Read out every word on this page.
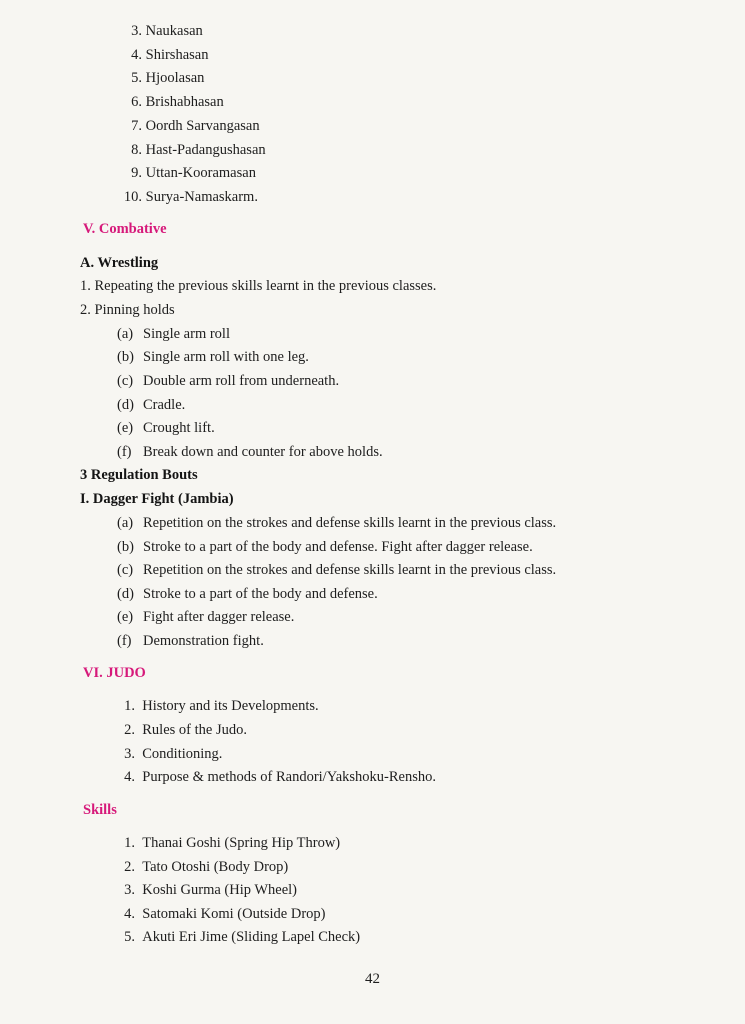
3. Naukasan
4. Shirshasan
5. Hjoolasan
6. Brishabhasan
7. Oordh Sarvangasan
8. Hast-Padangushasan
9. Uttan-Kooramasan
10. Surya-Namaskarm.
V. Combative
A. Wrestling
1. Repeating the previous skills learnt in the previous classes.
2. Pinning holds
(a) Single arm roll
(b) Single arm roll with one leg.
(c) Double arm roll from underneath.
(d) Cradle.
(e) Crought lift.
(f) Break down and counter for above holds.
3 Regulation Bouts
I. Dagger Fight (Jambia)
(a) Repetition on the strokes and defense skills learnt in the previous class.
(b) Stroke to a part of the body and defense. Fight after dagger release.
(c) Repetition on the strokes and defense skills learnt in the previous class.
(d) Stroke to a part of the body and defense.
(e) Fight after dagger release.
(f) Demonstration fight.
VI. JUDO
1. History and its Developments.
2. Rules of the Judo.
3. Conditioning.
4. Purpose & methods of Randori/Yakshoku-Rensho.
Skills
1. Thanai Goshi (Spring Hip Throw)
2. Tato Otoshi (Body Drop)
3. Koshi Gurma (Hip Wheel)
4. Satomaki Komi (Outside Drop)
5. Akuti Eri Jime (Sliding Lapel Check)
42
